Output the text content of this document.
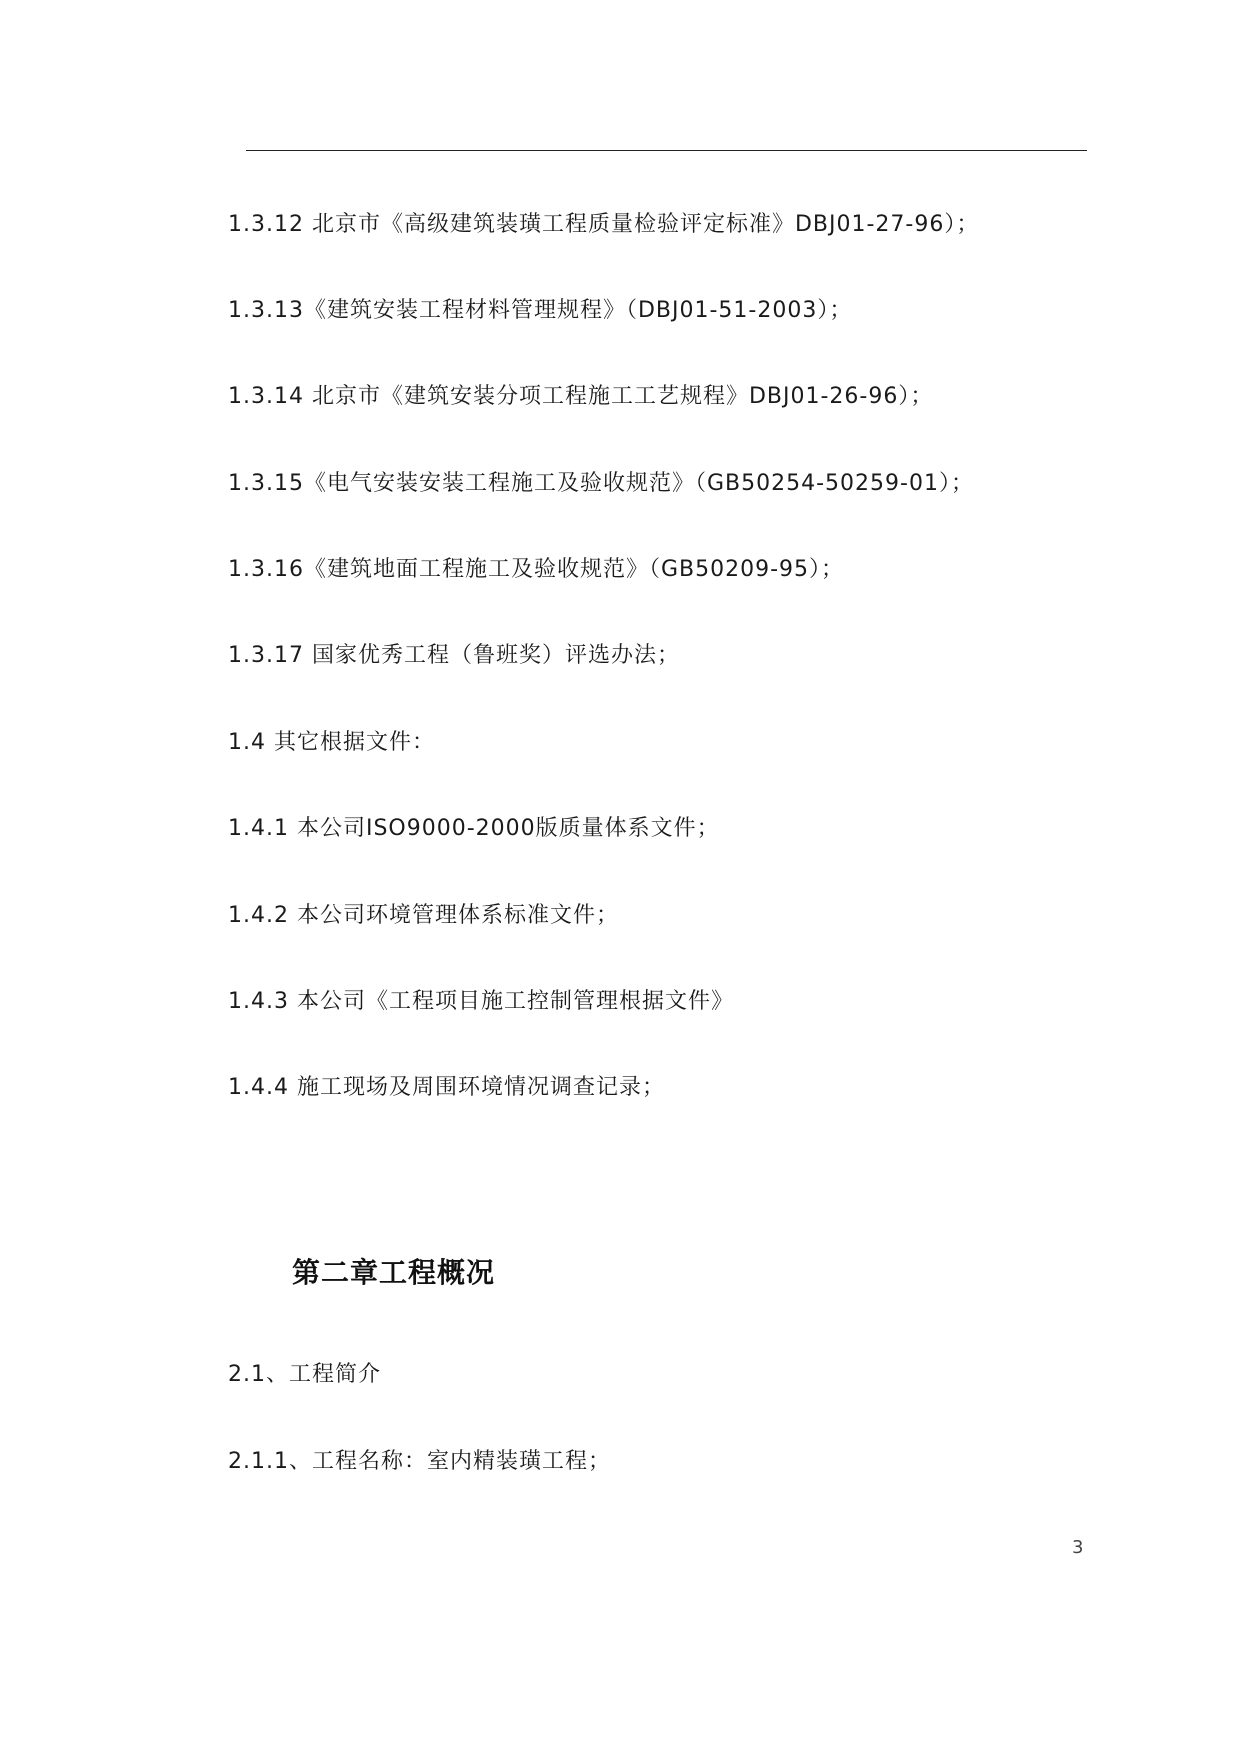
1.3.12 北京市《高级建筑装璜工程质量检验评定标准》DBJ01-27-96）；
1.3.13《建筑安装工程材料管理规程》（DBJ01-51-2003）；
1.3.14 北京市《建筑安装分项工程施工工艺规程》DBJ01-26-96）；
1.3.15《电气安装安装工程施工及验收规范》（GB50254-50259-01）；
1.3.16《建筑地面工程施工及验收规范》（GB50209-95）；
1.3.17 国家优秀工程（鲁班奖）评选办法；
1.4 其它根据文件：
1.4.1 本公司ISO9000-2000版质量体系文件；
1.4.2 本公司环境管理体系标准文件；
1.4.3 本公司《工程项目施工控制管理根据文件》
1.4.4 施工现场及周围环境情况调查记录；
第二章工程概况
2.1、工程简介
2.1.1、工程名称：室内精装璜工程；
3
